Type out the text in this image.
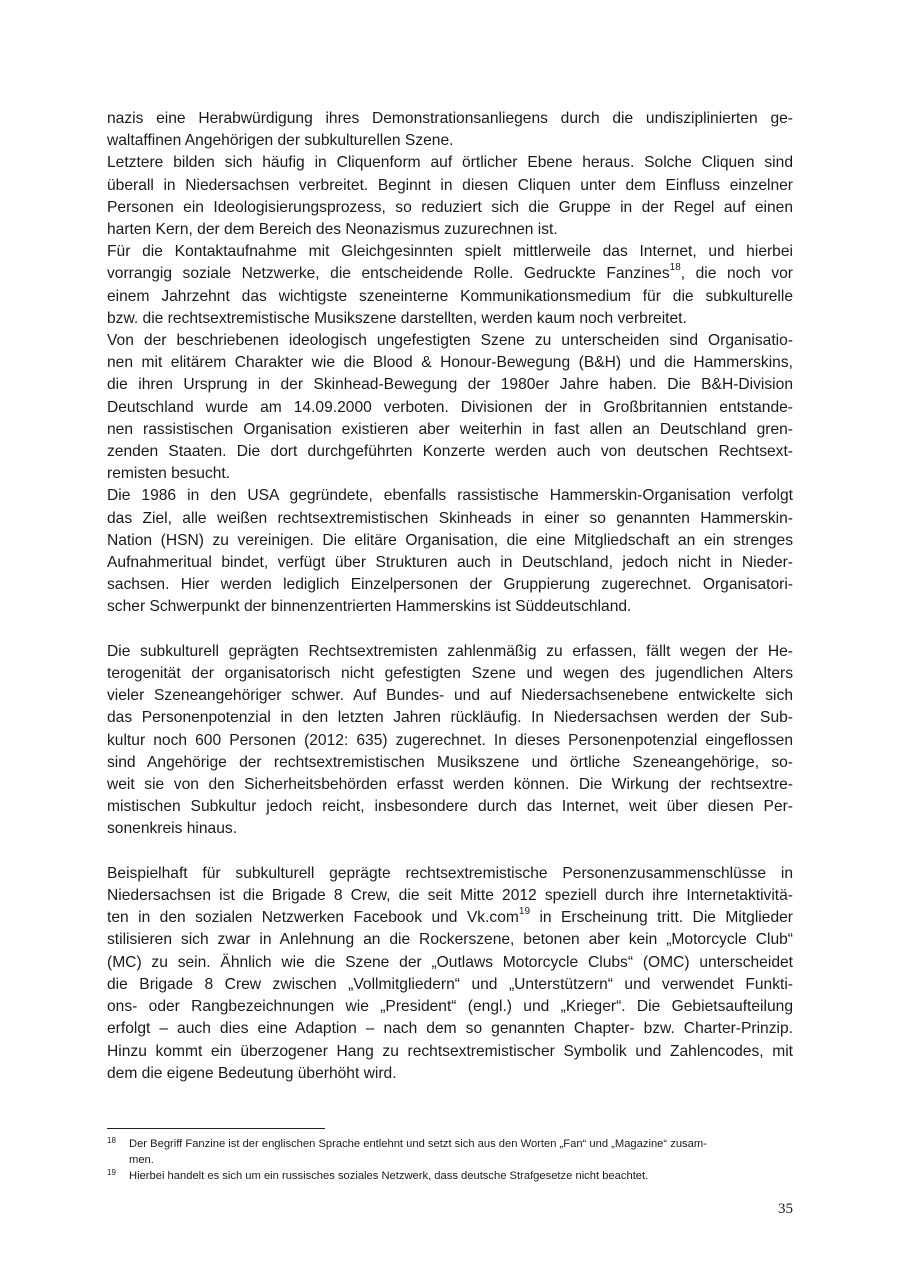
nazis eine Herabwürdigung ihres Demonstrationsanliegens durch die undisziplinierten ge-
waltaffinen Angehörigen der subkulturellen Szene.
Letztere bilden sich häufig in Cliquenform auf örtlicher Ebene heraus. Solche Cliquen sind
überall in Niedersachsen verbreitet. Beginnt in diesen Cliquen unter dem Einfluss einzelner
Personen ein Ideologisierungsprozess, so reduziert sich die Gruppe in der Regel auf einen
harten Kern, der dem Bereich des Neonazismus zuzurechnen ist.
Für die Kontaktaufnahme mit Gleichgesinnten spielt mittlerweile das Internet, und hierbei
vorrangig soziale Netzwerke, die entscheidende Rolle. Gedruckte Fanzines$^{18}$, die noch vor
einem Jahrzehnt das wichtigste szeneinterne Kommunikationsmedium für die subkulturelle
bzw. die rechtsextremistische Musikszene darstellten, werden kaum noch verbreitet.
Von der beschriebenen ideologisch ungefestigten Szene zu unterscheiden sind Organisatio-
nen mit elitärem Charakter wie die Blood & Honour-Bewegung (B&H) und die Hammerskins,
die ihren Ursprung in der Skinhead-Bewegung der 1980er Jahre haben. Die B&H-Division
Deutschland wurde am 14.09.2000 verboten. Divisionen der in Großbritannien entstande-
nen rassistischen Organisation existieren aber weiterhin in fast allen an Deutschland gren-
zenden Staaten. Die dort durchgeführten Konzerte werden auch von deutschen Rechtsext-
remisten besucht.
Die 1986 in den USA gegründete, ebenfalls rassistische Hammerskin-Organisation verfolgt
das Ziel, alle weißen rechtsextremistischen Skinheads in einer so genannten Hammerskin-
Nation (HSN) zu vereinigen. Die elitäre Organisation, die eine Mitgliedschaft an ein strenges
Aufnahmeritual bindet, verfügt über Strukturen auch in Deutschland, jedoch nicht in Nieder-
sachsen. Hier werden lediglich Einzelpersonen der Gruppierung zugerechnet. Organisatori-
scher Schwerpunkt der binnenzentrierten Hammerskins ist Süddeutschland.
Die subkulturell geprägten Rechtsextremisten zahlenmäßig zu erfassen, fällt wegen der He-
terogenität der organisatorisch nicht gefestigten Szene und wegen des jugendlichen Alters
vieler Szeneangehöriger schwer. Auf Bundes- und auf Niedersachsenebene entwickelte sich
das Personenpotenzial in den letzten Jahren rückläufig. In Niedersachsen werden der Sub-
kultur noch 600 Personen (2012: 635) zugerechnet. In dieses Personenpotenzial eingeflossen
sind Angehörige der rechtsextremistischen Musikszene und örtliche Szeneangehörige, so-
weit sie von den Sicherheitsbehörden erfasst werden können. Die Wirkung der rechtsextre-
mistischen Subkultur jedoch reicht, insbesondere durch das Internet, weit über diesen Per-
sonenkreis hinaus.
Beispielhaft für subkulturell geprägte rechtsextremistische Personenzusammenschlüsse in
Niedersachsen ist die Brigade 8 Crew, die seit Mitte 2012 speziell durch ihre Internetaktivitä-
ten in den sozialen Netzwerken Facebook und Vk.com$^{19}$ in Erscheinung tritt. Die Mitglieder
stilisieren sich zwar in Anlehnung an die Rockerszene, betonen aber kein „Motorcycle Club“
(MC) zu sein. Ähnlich wie die Szene der „Outlaws Motorcycle Clubs“ (OMC) unterscheidet
die Brigade 8 Crew zwischen „Vollmitgliedern“ und „Unterstützern“ und verwendet Funkti-
ons- oder Rangbezeichnungen wie „President“ (engl.) und „Krieger“. Die Gebietsaufteilung
erfolgt – auch dies eine Adaption – nach dem so genannten Chapter- bzw. Charter-Prinzip.
Hinzu kommt ein überzogener Hang zu rechtsextremistischer Symbolik und Zahlencodes, mit
dem die eigene Bedeutung überhöht wird.
18 Der Begriff Fanzine ist der englischen Sprache entlehnt und setzt sich aus den Worten „Fan“ und „Magazine“ zusam-
men.
19 Hierbei handelt es sich um ein russisches soziales Netzwerk, dass deutsche Strafgesetze nicht beachtet.
35
